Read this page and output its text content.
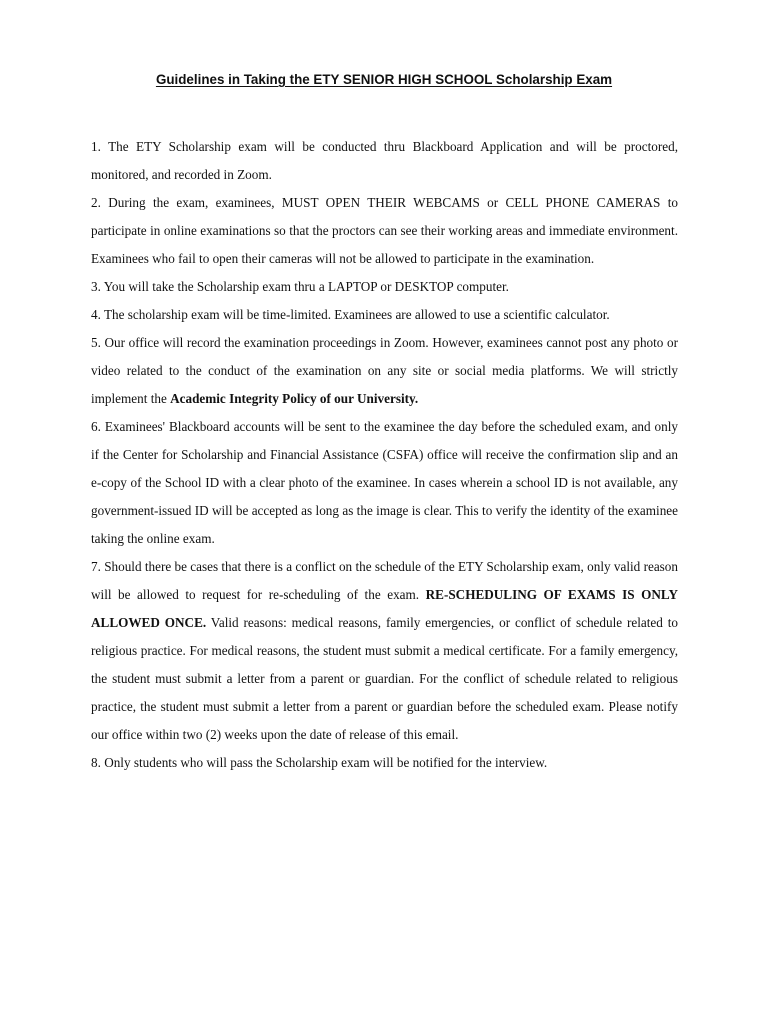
Guidelines in Taking the ETY SENIOR HIGH SCHOOL Scholarship Exam

1. The ETY Scholarship exam will be conducted thru Blackboard Application and will be proctored, monitored, and recorded in Zoom.

2. During the exam, examinees, MUST OPEN THEIR WEBCAMS or CELL PHONE CAMERAS to participate in online examinations so that the proctors can see their working areas and immediate environment. Examinees who fail to open their cameras will not be allowed to participate in the examination.

3. You will take the Scholarship exam thru a LAPTOP or DESKTOP computer.

4. The scholarship exam will be time-limited. Examinees are allowed to use a scientific calculator.

5. Our office will record the examination proceedings in Zoom. However, examinees cannot post any photo or video related to the conduct of the examination on any site or social media platforms. We will strictly implement the Academic Integrity Policy of our University.

6. Examinees' Blackboard accounts will be sent to the examinee the day before the scheduled exam, and only if the Center for Scholarship and Financial Assistance (CSFA) office will receive the confirmation slip and an e-copy of the School ID with a clear photo of the examinee. In cases wherein a school ID is not available, any government-issued ID will be accepted as long as the image is clear. This to verify the identity of the examinee taking the online exam.

7. Should there be cases that there is a conflict on the schedule of the ETY Scholarship exam, only valid reason will be allowed to request for re-scheduling of the exam. RE-SCHEDULING OF EXAMS IS ONLY ALLOWED ONCE. Valid reasons: medical reasons, family emergencies, or conflict of schedule related to religious practice. For medical reasons, the student must submit a medical certificate. For a family emergency, the student must submit a letter from a parent or guardian. For the conflict of schedule related to religious practice, the student must submit a letter from a parent or guardian before the scheduled exam. Please notify our office within two (2) weeks upon the date of release of this email.

8. Only students who will pass the Scholarship exam will be notified for the interview.
